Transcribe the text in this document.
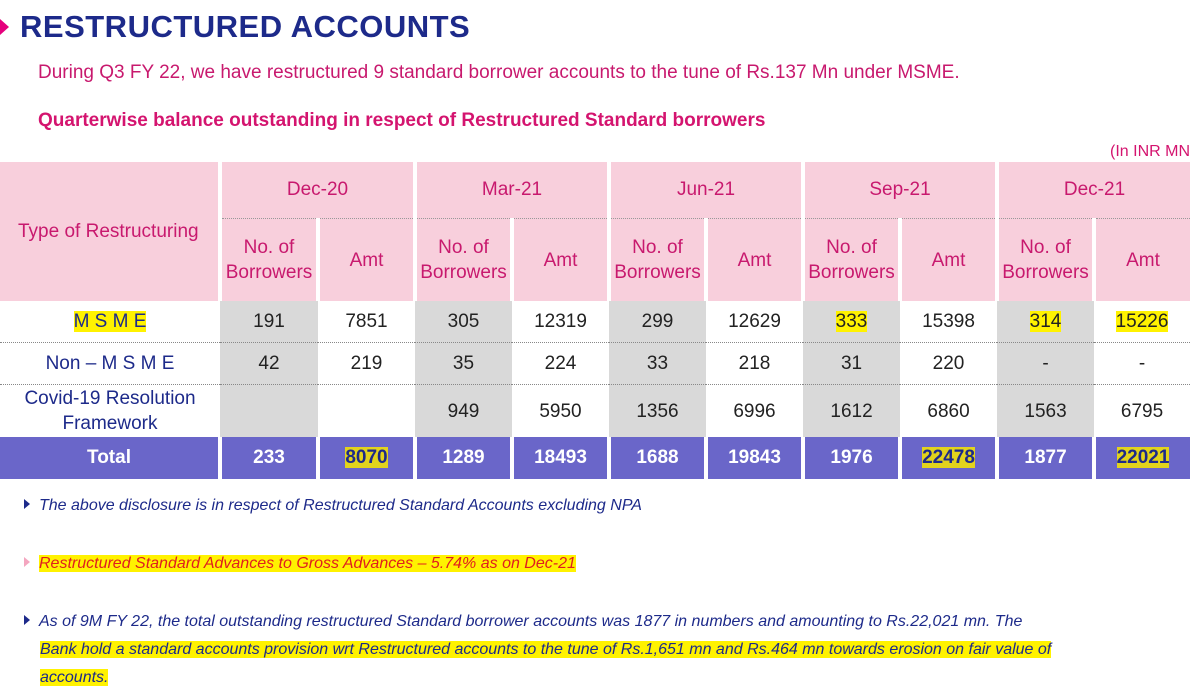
RESTRUCTURED ACCOUNTS
During Q3 FY 22, we have restructured 9 standard borrower accounts to the tune of Rs.137 Mn under MSME.
Quarterwise balance outstanding in respect of Restructured Standard borrowers
(In INR MN
Type of Restructuring	Dec-20		Mar-21		Jun-21		Sep-21		Dec-21	
	No. of
Borrowers	Amt	No. of
Borrowers	Amt	No. of
Borrowers	Amt	No. of
Borrowers	Amt	No. of
Borrowers	Amt
M S M E	191	7851	305	12319	299	12629	333	15398	314	15226
Non – M S M E	42	219	35	224	33	218	31	220	-	-
Covid-19 Resolution
Framework			949	5950	1356	6996	1612	6860	1563	6795
Total	233	8070	1289	18493	1688	19843	1976	22478	1877	22021
The above disclosure is in respect of Restructured Standard Accounts excluding NPA
Restructured Standard Advances to Gross Advances – 5.74% as on Dec-21
As of 9M FY 22, the total outstanding restructured Standard borrower accounts was 1877 in numbers and amounting to Rs.22,021 mn. The
Bank hold a standard accounts provision wrt Restructured accounts to the tune of Rs.1,651 mn and Rs.464 mn towards erosion on fair value of
accounts.
